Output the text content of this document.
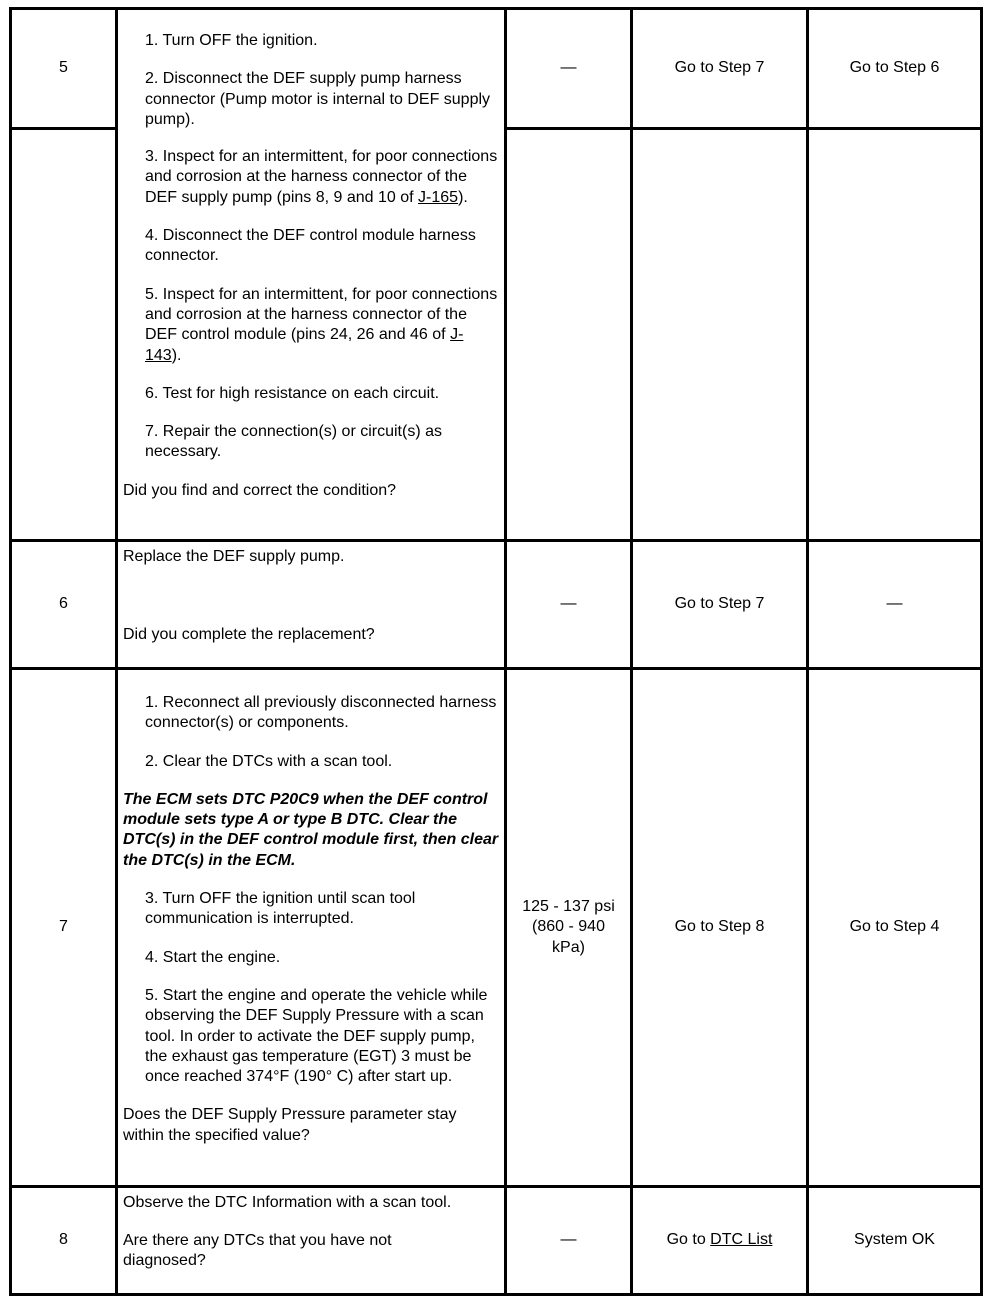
5
1. Turn OFF the ignition.
2. Disconnect the DEF supply pump harness connector (Pump motor is internal to DEF supply pump).
3. Inspect for an intermittent, for poor connections and corrosion at the harness connector of the DEF supply pump (pins 8, 9 and 10 of J-165).
4. Disconnect the DEF control module harness connector.
5. Inspect for an intermittent, for poor connections and corrosion at the harness connector of the DEF control module (pins 24, 26 and 46 of J-143).
6. Test for high resistance on each circuit.
7. Repair the connection(s) or circuit(s) as necessary.
Did you find and correct the condition?
—	Go to Step 7	Go to Step 6
6
Replace the DEF supply pump.
Did you complete the replacement?
—	Go to Step 7	—
7
1. Reconnect all previously disconnected harness connector(s) or components.
2. Clear the DTCs with a scan tool.
The ECM sets DTC P20C9 when the DEF control module sets type A or type B DTC. Clear the DTC(s) in the DEF control module first, then clear the DTC(s) in the ECM.
3. Turn OFF the ignition until scan tool communication is interrupted.
4. Start the engine.
5. Start the engine and operate the vehicle while observing the DEF Supply Pressure with a scan tool. In order to activate the DEF supply pump, the exhaust gas temperature (EGT) 3 must be once reached 374°F (190° C) after start up.
Does the DEF Supply Pressure parameter stay within the specified value?
125 - 137 psi (860 - 940 kPa)
Go to Step 8	Go to Step 4
8
Observe the DTC Information with a scan tool.
Are there any DTCs that you have not diagnosed?
—	Go to DTC List	System OK
